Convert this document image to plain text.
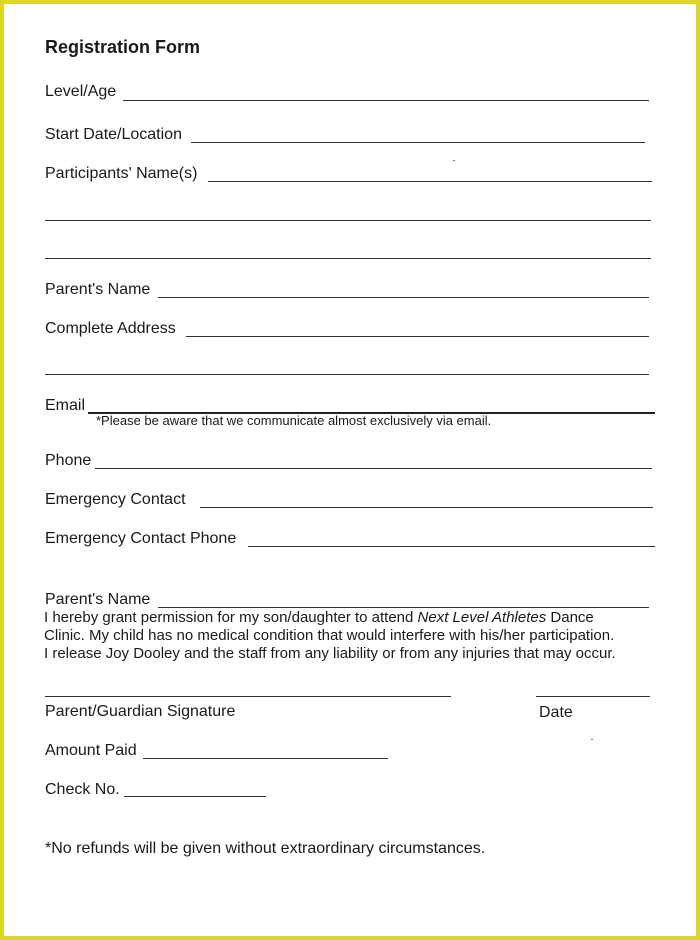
Registration Form
Level/Age
Start Date/Location
Participants' Name(s)
Parent's Name
Complete Address
Email
*Please be aware that we communicate almost exclusively via email.
Phone
Emergency Contact
Emergency Contact Phone
Parent's Name
I hereby grant permission for my son/daughter to attend Next Level Athletes Dance
Clinic. My child has no medical condition that would interfere with his/her participation.
I release Joy Dooley and the staff from any liability or from any injuries that may occur.
Parent/Guardian Signature	Date
Amount Paid
Check No.
*No refunds will be given without extraordinary circumstances.
